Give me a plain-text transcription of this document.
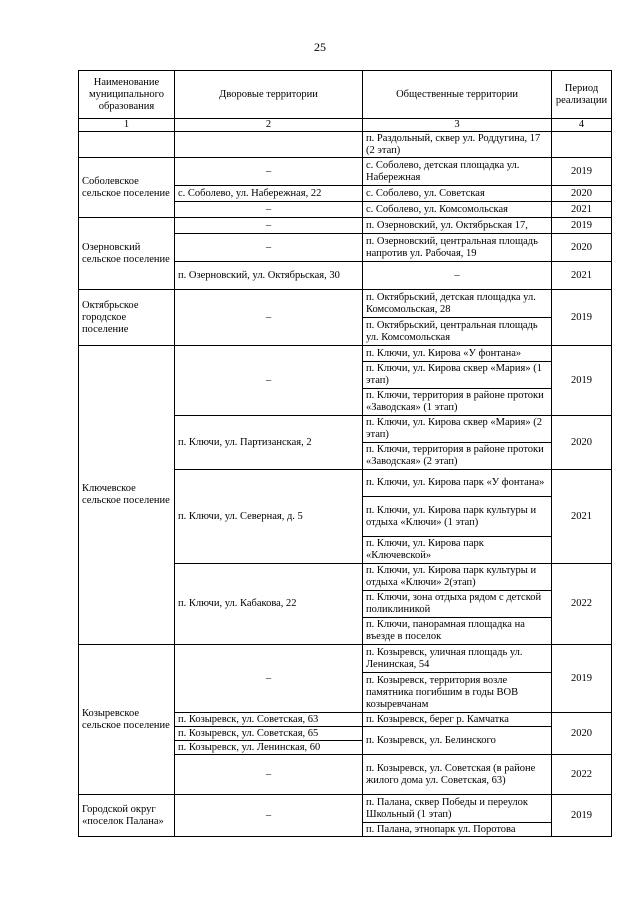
25
Наименование муниципального образования	Дворовые территории	Общественные территории	Период реализации
1	2	3	4
		п. Раздольный, сквер ул. Роддугина, 17 (2 этап)	
Соболевское сельское поселение	–	с. Соболево, детская площадка ул. Набережная	2019
	с. Соболево, ул. Набережная, 22	с. Соболево, ул. Советская	2020
	–	с. Соболево, ул. Комсомольская	2021
Озерновский сельское поселение	–	п. Озерновский, ул. Октябрьская 17,	2019
	–	п. Озерновский, центральная площадь напротив ул. Рабочая, 19	2020
	п. Озерновский, ул. Октябрьская, 30	–	2021
Октябрьское городское поселение	–	п. Октябрьский, детская площадка ул. Комсомольская, 28	2019
		п. Октябрьский, центральная площадь ул. Комсомольская	
Ключевское сельское поселение	–	п. Ключи, ул. Кирова «У фонтана»	2019
		п. Ключи, ул. Кирова сквер «Мария» (1 этап)	
		п. Ключи, территория в районе протоки «Заводская» (1 этап)	
	п. Ключи, ул. Партизанская, 2	п. Ключи, ул. Кирова сквер «Мария» (2 этап)	2020
		п. Ключи, территория в районе протоки «Заводская» (2 этап)	
	п. Ключи, ул. Северная, д. 5	п. Ключи, ул. Кирова парк «У фонтана»	2021
		п. Ключи, ул. Кирова парк культуры и отдыха «Ключи» (1 этап)	
		п. Ключи, ул. Кирова парк «Ключевской»	
	п. Ключи, ул. Кабакова, 22	п. Ключи, ул. Кирова парк культуры и отдыха «Ключи» 2(этап)	2022
		п. Ключи, зона отдыха рядом с детской поликлиникой	
		п. Ключи, панорамная площадка на въезде в поселок	
Козыревское сельское поселение	–	п. Козыревск, уличная площадь ул. Ленинская, 54	2019
		п. Козыревск, территория возле памятника погибшим в годы ВОВ козыревчанам	
	п. Козыревск, ул. Советская, 63	п. Козыревск, берег р. Камчатка	2020
	п. Козыревск, ул. Советская, 65	п. Козыревск, ул. Белинского	
	п. Козыревск, ул. Ленинская, 60		
	–	п. Козыревск, ул. Советская (в районе жилого дома ул. Советская, 63)	2022
Городской округ «поселок Палана»	–	п. Палана, сквер Победы и переулок Школьный (1 этап)	2019
		п. Палана, этнопарк ул. Поротова	
